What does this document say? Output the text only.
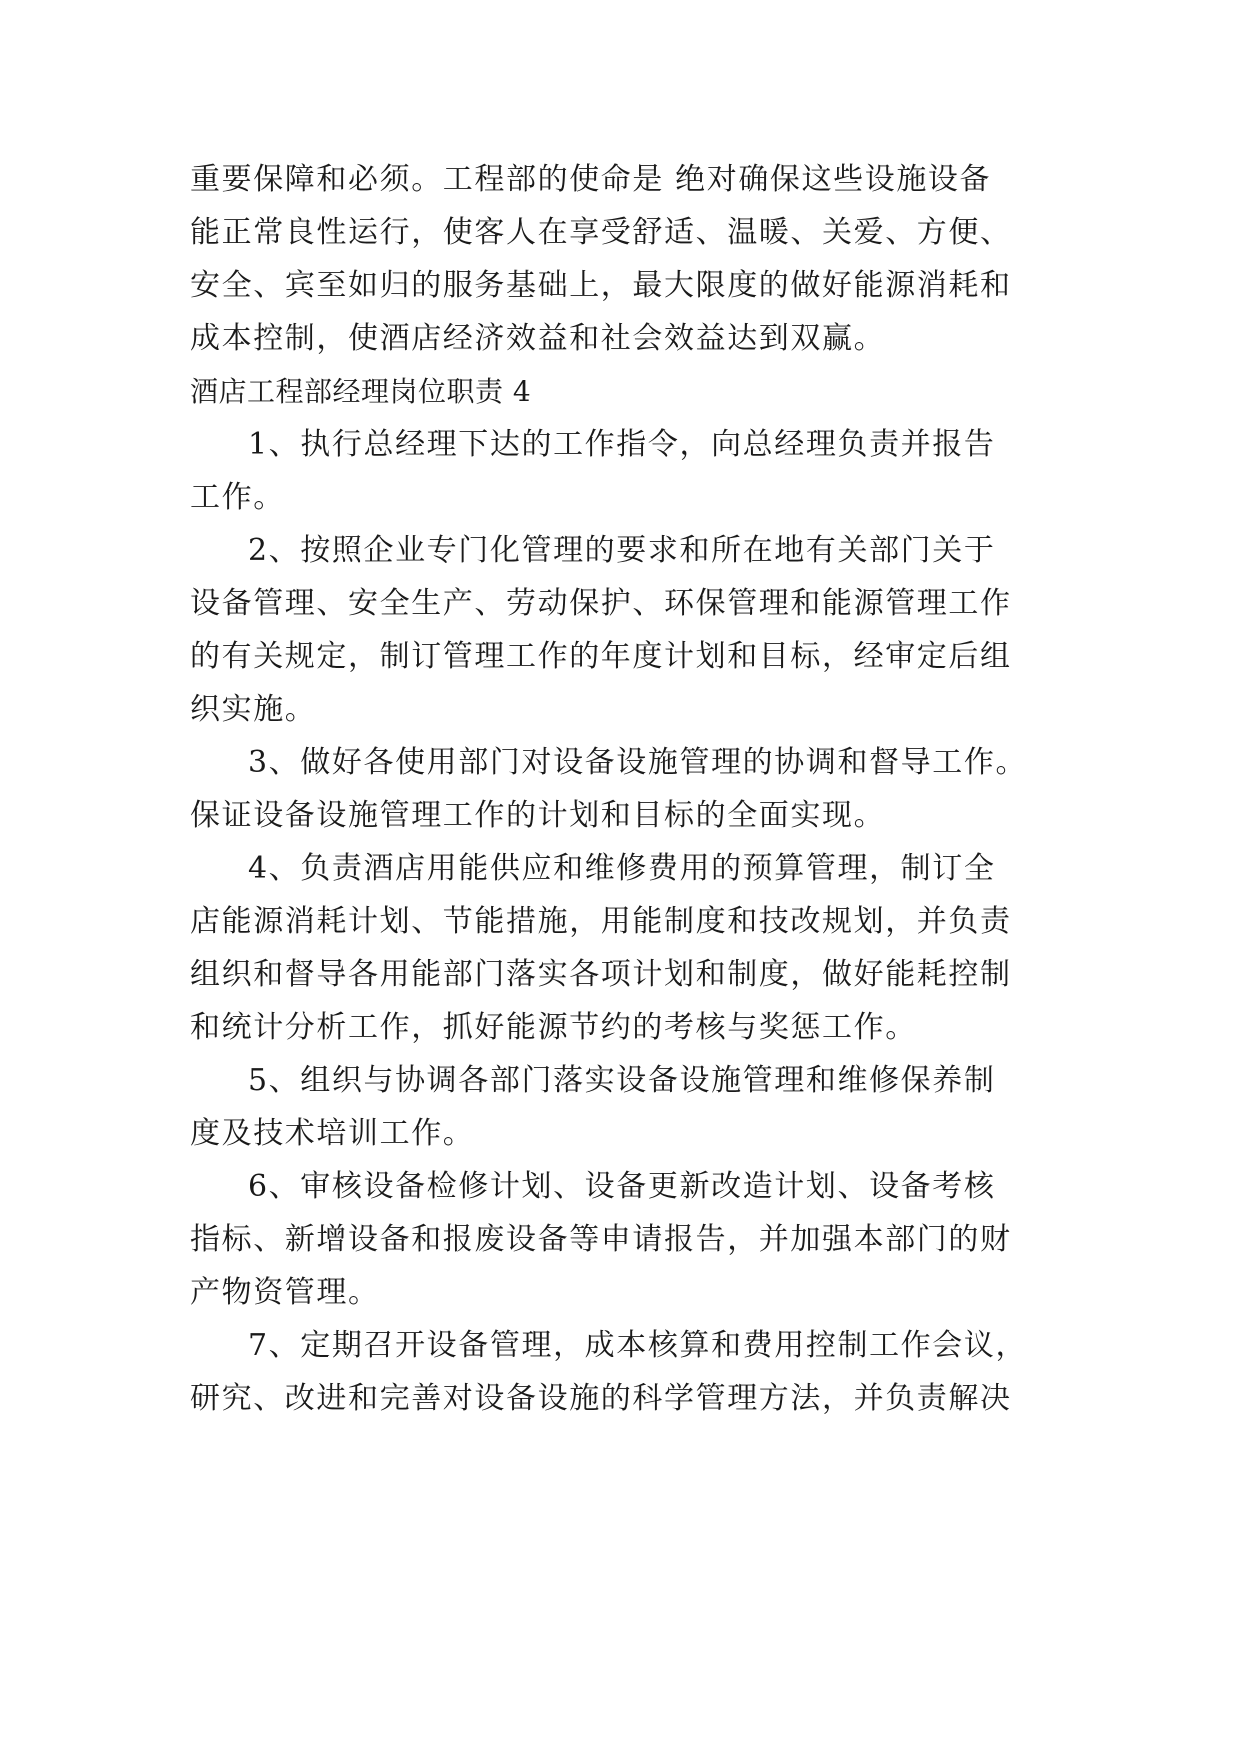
重要保障和必须。工程部的使命是 绝对确保这些设施设备
能正常良性运行，使客人在享受舒适、温暖、关爱、方便、
安全、宾至如归的服务基础上，最大限度的做好能源消耗和
成本控制，使酒店经济效益和社会效益达到双赢。
酒店工程部经理岗位职责 4
1、执行总经理下达的工作指令，向总经理负责并报告
工作。
2、按照企业专门化管理的要求和所在地有关部门关于
设备管理、安全生产、劳动保护、环保管理和能源管理工作
的有关规定，制订管理工作的年度计划和目标，经审定后组
织实施。
3、做好各使用部门对设备设施管理的协调和督导工作。
保证设备设施管理工作的计划和目标的全面实现。
4、负责酒店用能供应和维修费用的预算管理，制订全
店能源消耗计划、节能措施，用能制度和技改规划，并负责
组织和督导各用能部门落实各项计划和制度，做好能耗控制
和统计分析工作，抓好能源节约的考核与奖惩工作。
5、组织与协调各部门落实设备设施管理和维修保养制
度及技术培训工作。
6、审核设备检修计划、设备更新改造计划、设备考核
指标、新增设备和报废设备等申请报告，并加强本部门的财
产物资管理。
7、定期召开设备管理，成本核算和费用控制工作会议，
研究、改进和完善对设备设施的科学管理方法，并负责解决
